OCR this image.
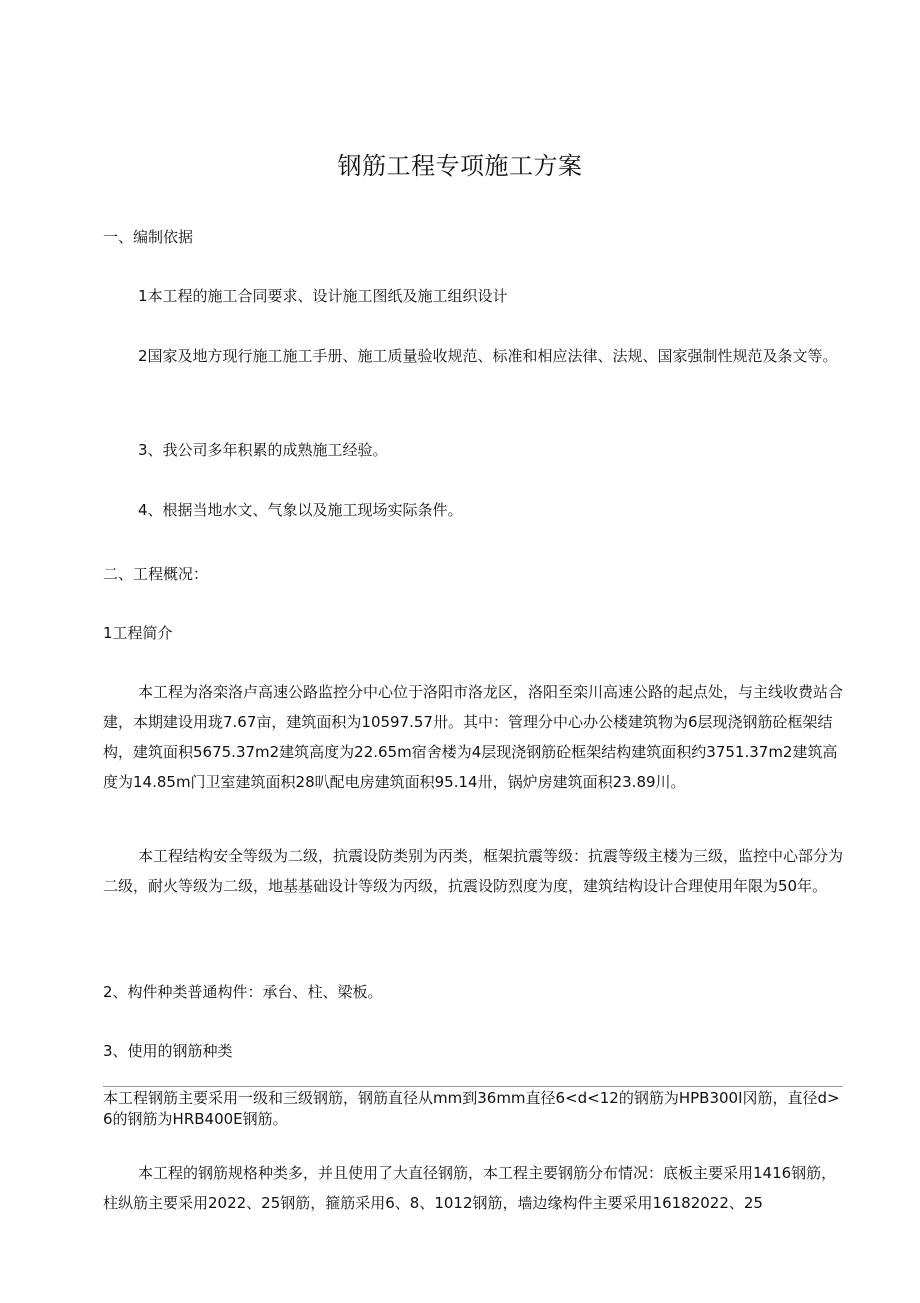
钢筋工程专项施工方案

一、编制依据

1本工程的施工合同要求、设计施工图纸及施工组织设计

2国家及地方现行施工施工手册、施工质量验收规范、标准和相应法律、法规、国家强制性规范及条文等。

3、我公司多年积累的成熟施工经验。

4、根据当地水文、气象以及施工现场实际条件。

二、工程概况：

1工程简介

本工程为洛栾洛卢高速公路监控分中心位于洛阳市洛龙区，洛阳至栾川高速公路的起点处，与主线收费站合建，本期建设用珑7.67亩，建筑面积为10597.57卅。其中：管理分中心办公楼建筑物为6层现浇钢筋砼框架结构，建筑面积5675.37m2建筑高度为22.65m宿舍楼为4层现浇钢筋砼框架结构建筑面积约3751.37m2建筑高度为14.85m门卫室建筑面积28叭配电房建筑面积95.14卅，锅炉房建筑面积23.89川。

本工程结构安全等级为二级，抗震设防类别为丙类，框架抗震等级：抗震等级主楼为三级，监控中心部分为二级，耐火等级为二级，地基基础设计等级为丙级，抗震设防烈度为度，建筑结构设计合理使用年限为50年。

2、构件种类普通构件：承台、柱、梁板。

3、使用的钢筋种类

本工程钢筋主要采用一级和三级钢筋，钢筋直径从mm到36mm直径6<d<12的钢筋为HPB300I冈筋，直径d>6的钢筋为HRB400E钢筋。

本工程的钢筋规格种类多，并且使用了大直径钢筋，本工程主要钢筋分布情况：底板主要采用1416钢筋，柱纵筋主要采用2022、25钢筋，箍筋采用6、8、1012钢筋，墙边缘构件主要采用16182022、25
